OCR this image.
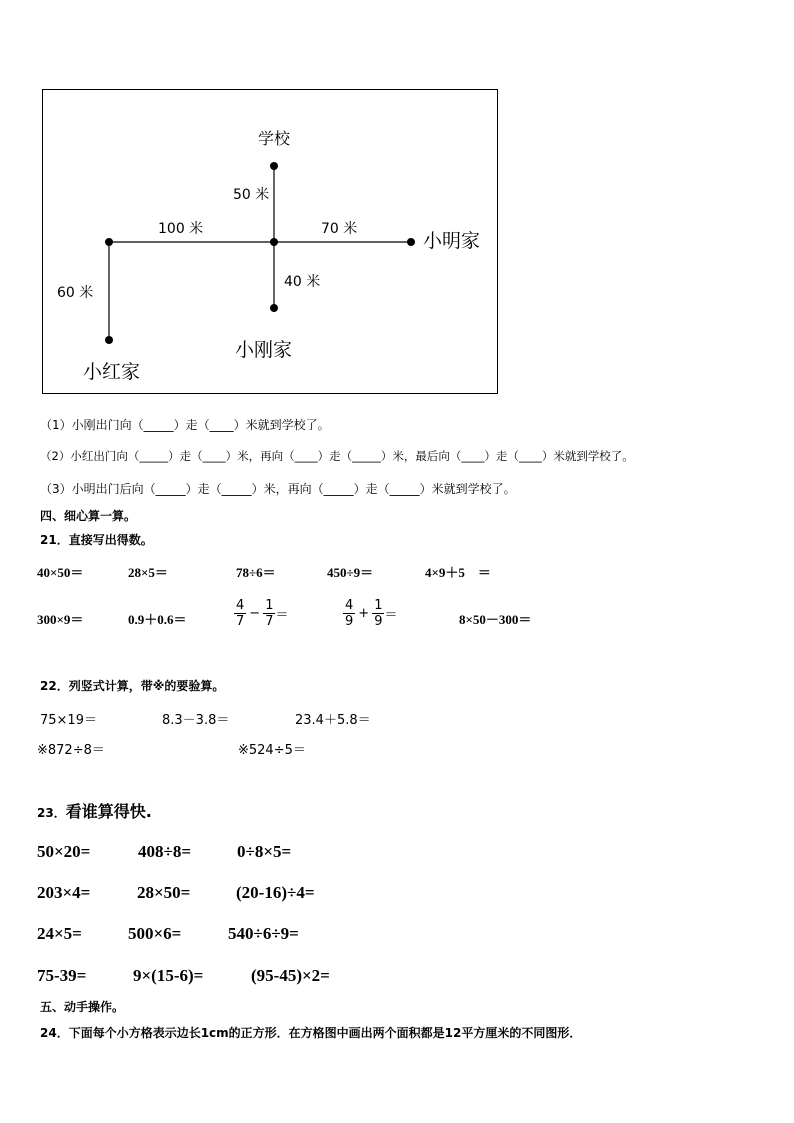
学校
50 米
100 米	70 米
40 米
60 米
小明家
小刚家
小红家
（1）小刚出门向（_____）走（____）米就到学校了。
（2）小红出门向（_____）走（____）米，再向（____）走（_____）米，最后向（____）走（____）米就到学校了。
（3）小明出门后向（_____）走（_____）米，再向（_____）走（_____）米就到学校了。
四、细心算一算。
21．直接写出得数。
40×50＝	28×5＝	78÷6＝	450÷9＝	4×9＋5　＝
300×9＝	0.9＋0.6＝	$\frac{4}{7} - \frac{1}{7}$ ＝	$\frac{4}{9} + \frac{1}{9}$ ＝	8×50－300＝
22．列竖式计算，带※的要验算。
75×19＝	8.3－3.8＝	23.4＋5.8＝
※872÷8＝	※524÷5＝
23．看谁算得快.
50×20=	408÷8=	0÷8×5=
203×4=	28×50=	(20-16)÷4=
24×5=	500×6=	540÷6÷9=
75-39=	9×(15-6)=	(95-45)×2=
五、动手操作。
24．下面每个小方格表示边长1cm的正方形．在方格图中画出两个面积都是12平方厘米的不同图形．
